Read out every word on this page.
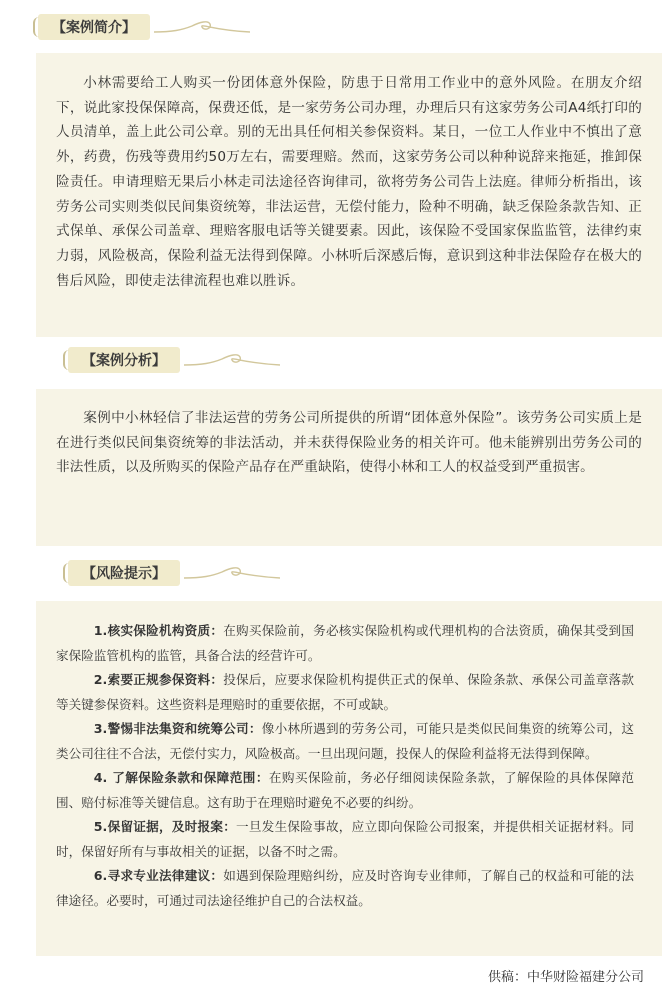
【案例简介】

小林需要给工人购买一份团体意外保险，防患于日常用工作业中的意外风险。在朋友介绍下，说此家投保保障高，保费还低，是一家劳务公司办理，办理后只有这家劳务公司A4纸打印的人员清单，盖上此公司公章。别的无出具任何相关参保资料。某日，一位工人作业中不慎出了意外，药费，伤残等费用约50万左右，需要理赔。然而，这家劳务公司以种种说辞来拖延，推卸保险责任。申请理赔无果后小林走司法途径咨询律司，欲将劳务公司告上法庭。律师分析指出，该劳务公司实则类似民间集资统筹，非法运营，无偿付能力，险种不明确，缺乏保险条款告知、正式保单、承保公司盖章、理赔客服电话等关键要素。因此，该保险不受国家保监监管，法律约束力弱，风险极高，保险利益无法得到保障。小林听后深感后悔，意识到这种非法保险存在极大的售后风险，即使走法律流程也难以胜诉。

【案例分析】

案例中小林轻信了非法运营的劳务公司所提供的所谓“团体意外保险”。该劳务公司实质上是在进行类似民间集资统筹的非法活动，并未获得保险业务的相关许可。他未能辨别出劳务公司的非法性质，以及所购买的保险产品存在严重缺陷，使得小林和工人的权益受到严重损害。

【风险提示】

1.核实保险机构资质：在购买保险前，务必核实保险机构或代理机构的合法资质，确保其受到国家保险监管机构的监管，具备合法的经营许可。

2.索要正规参保资料：投保后，应要求保险机构提供正式的保单、保险条款、承保公司盖章落款等关键参保资料。这些资料是理赔时的重要依据，不可或缺。

3.警惕非法集资和统筹公司：像小林所遇到的劳务公司，可能只是类似民间集资的统筹公司，这类公司往往不合法，无偿付实力，风险极高。一旦出现问题，投保人的保险利益将无法得到保障。

4. 了解保险条款和保障范围：在购买保险前，务必仔细阅读保险条款，了解保险的具体保障范围、赔付标准等关键信息。这有助于在理赔时避免不必要的纠纷。

5.保留证据，及时报案：一旦发生保险事故，应立即向保险公司报案，并提供相关证据材料。同时，保留好所有与事故相关的证据，以备不时之需。

6.寻求专业法律建议：如遇到保险理赔纠纷，应及时咨询专业律师，了解自己的权益和可能的法律途径。必要时，可通过司法途径维护自己的合法权益。

供稿：中华财险福建分公司
